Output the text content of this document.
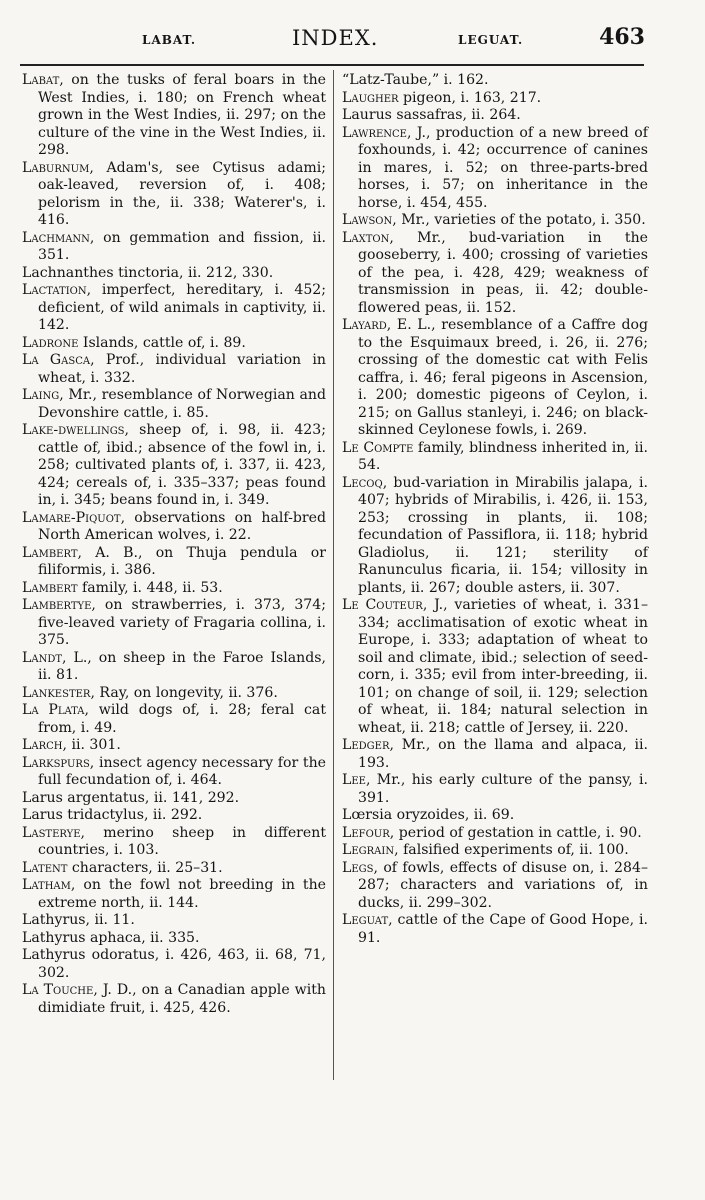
LABAT.	INDEX.	LEGUAT.	463

Labat, on the tusks of feral boars in the West Indies, i. 180; on French wheat grown in the West Indies, ii. 297; on the culture of the vine in the West Indies, ii. 298.

Laburnum, Adam's, see Cytisus adami; oak-leaved, reversion of, i. 408; pelorism in the, ii. 338; Waterer's, i. 416.

Lachmann, on gemmation and fission, ii. 351.

Lachnanthes tinctoria, ii. 212, 330.

Lactation, imperfect, hereditary, i. 452; deficient, of wild animals in captivity, ii. 142.

Ladrone Islands, cattle of, i. 89.

La Gasca, Prof., individual variation in wheat, i. 332.

Laing, Mr., resemblance of Norwegian and Devonshire cattle, i. 85.

Lake-dwellings, sheep of, i. 98, ii. 423; cattle of, ibid.; absence of the fowl in, i. 258; cultivated plants of, i. 337, ii. 423, 424; cereals of, i. 335–337; peas found in, i. 345; beans found in, i. 349.

Lamare-Piquot, observations on half-bred North American wolves, i. 22.

Lambert, A. B., on Thuja pendula or filiformis, i. 386.

Lambert family, i. 448, ii. 53.

Lambertye, on strawberries, i. 373, 374; five-leaved variety of Fragaria collina, i. 375.

Landt, L., on sheep in the Faroe Islands, ii. 81.

Lankester, Ray, on longevity, ii. 376.

La Plata, wild dogs of, i. 28; feral cat from, i. 49.

Larch, ii. 301.

Larkspurs, insect agency necessary for the full fecundation of, i. 464.

Larus argentatus, ii. 141, 292.

Larus tridactylus, ii. 292.

Lasterye, merino sheep in different countries, i. 103.

Latent characters, ii. 25–31.

Latham, on the fowl not breeding in the extreme north, ii. 144.

Lathyrus, ii. 11.

Lathyrus aphaca, ii. 335.

Lathyrus odoratus, i. 426, 463, ii. 68, 71, 302.

La Touche, J. D., on a Canadian apple with dimidiate fruit, i. 425, 426.

“Latz-Taube,” i. 162.

Laugher pigeon, i. 163, 217.

Laurus sassafras, ii. 264.

Lawrence, J., production of a new breed of foxhounds, i. 42; occurrence of canines in mares, i. 52; on three-parts-bred horses, i. 57; on inheritance in the horse, i. 454, 455.

Lawson, Mr., varieties of the potato, i. 350.

Laxton, Mr., bud-variation in the gooseberry, i. 400; crossing of varieties of the pea, i. 428, 429; weakness of transmission in peas, ii. 42; double-flowered peas, ii. 152.

Layard, E. L., resemblance of a Caffre dog to the Esquimaux breed, i. 26, ii. 276; crossing of the domestic cat with Felis caffra, i. 46; feral pigeons in Ascension, i. 200; domestic pigeons of Ceylon, i. 215; on Gallus stanleyi, i. 246; on black-skinned Ceylonese fowls, i. 269.

Le Compte family, blindness inherited in, ii. 54.

Lecoq, bud-variation in Mirabilis jalapa, i. 407; hybrids of Mirabilis, i. 426, ii. 153, 253; crossing in plants, ii. 108; fecundation of Passiflora, ii. 118; hybrid Gladiolus, ii. 121; sterility of Ranunculus ficaria, ii. 154; villosity in plants, ii. 267; double asters, ii. 307.

Le Couteur, J., varieties of wheat, i. 331–334; acclimatisation of exotic wheat in Europe, i. 333; adaptation of wheat to soil and climate, ibid.; selection of seed-corn, i. 335; evil from inter-breeding, ii. 101; on change of soil, ii. 129; selection of wheat, ii. 184; natural selection in wheat, ii. 218; cattle of Jersey, ii. 220.

Ledger, Mr., on the llama and alpaca, ii. 193.

Lee, Mr., his early culture of the pansy, i. 391.

Lœrsia oryzoides, ii. 69.

Lefour, period of gestation in cattle, i. 90.

Legrain, falsified experiments of, ii. 100.

Legs, of fowls, effects of disuse on, i. 284–287; characters and variations of, in ducks, ii. 299–302.

Leguat, cattle of the Cape of Good Hope, i. 91.
